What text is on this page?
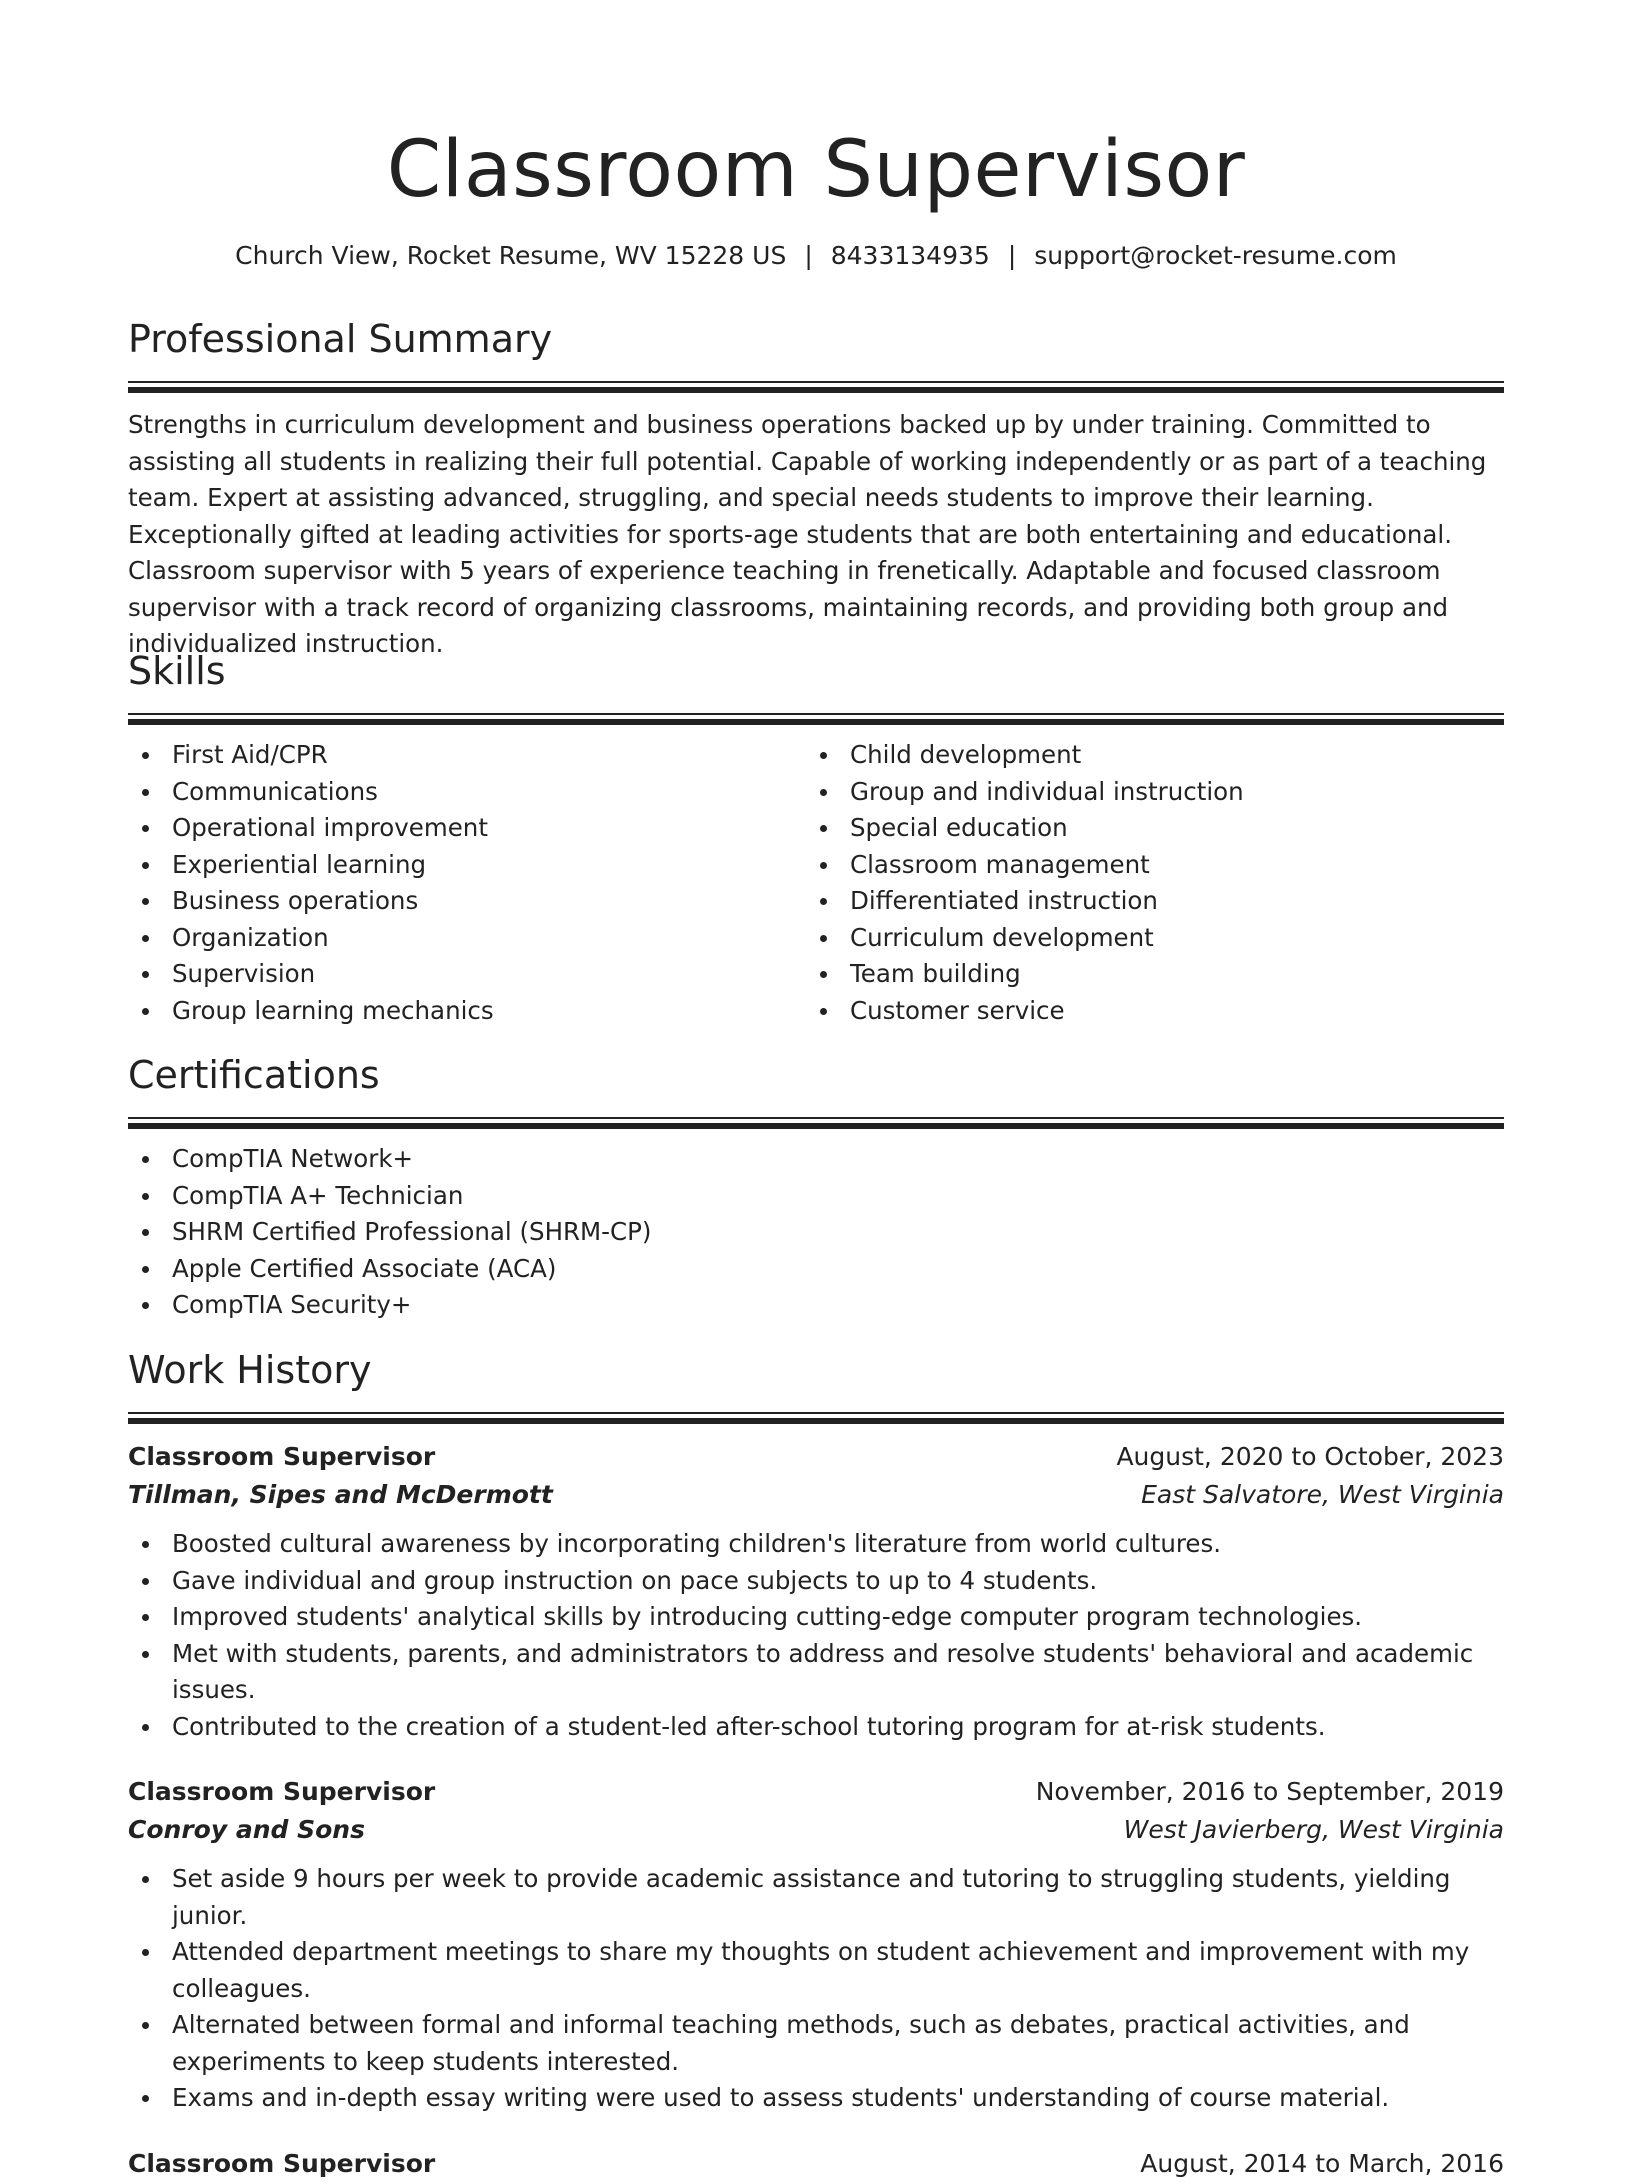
Classroom Supervisor
Church View, Rocket Resume, WV 15228 US | 8433134935 | support@rocket-resume.com
Professional Summary

Strengths in curriculum development and business operations backed up by under training. Committed to assisting all students in realizing their full potential. Capable of working independently or as part of a teaching team. Expert at assisting advanced, struggling, and special needs students to improve their learning. Exceptionally gifted at leading activities for sports-age students that are both entertaining and educational. Classroom supervisor with 5 years of experience teaching in frenetically. Adaptable and focused classroom supervisor with a track record of organizing classrooms, maintaining records, and providing both group and individualized instruction.

Skills
First Aid/CPR
Communications
Operational improvement
Experiential learning
Business operations
Organization
Supervision
Group learning mechanics
Child development
Group and individual instruction
Special education
Classroom management
Differentiated instruction
Curriculum development
Team building
Customer service
Certifications
CompTIA Network+
CompTIA A+ Technician
SHRM Certified Professional (SHRM-CP)
Apple Certified Associate (ACA)
CompTIA Security+
Work History
Classroom Supervisor	August, 2020 to October, 2023
Tillman, Sipes and McDermott	East Salvatore, West Virginia
Boosted cultural awareness by incorporating children's literature from world cultures.
Gave individual and group instruction on pace subjects to up to 4 students.
Improved students' analytical skills by introducing cutting-edge computer program technologies.
Met with students, parents, and administrators to address and resolve students' behavioral and academic issues.
Contributed to the creation of a student-led after-school tutoring program for at-risk students.
Classroom Supervisor	November, 2016 to September, 2019
Conroy and Sons	West Javierberg, West Virginia
Set aside 9 hours per week to provide academic assistance and tutoring to struggling students, yielding junior.
Attended department meetings to share my thoughts on student achievement and improvement with my colleagues.
Alternated between formal and informal teaching methods, such as debates, practical activities, and experiments to keep students interested.
Exams and in-depth essay writing were used to assess students' understanding of course material.
Classroom Supervisor	August, 2014 to March, 2016
